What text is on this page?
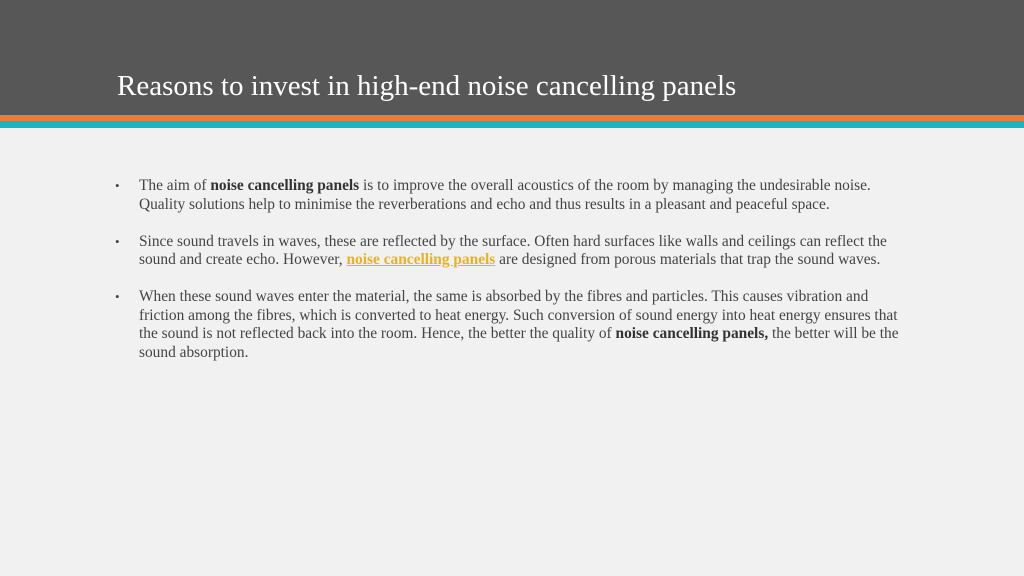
Reasons to invest in high-end noise cancelling panels
• The aim of noise cancelling panels is to improve the overall acoustics of the room by managing the undesirable noise. Quality solutions help to minimise the reverberations and echo and thus results in a pleasant and peaceful space.
• Since sound travels in waves, these are reflected by the surface. Often hard surfaces like walls and ceilings can reflect the sound and create echo. However, noise cancelling panels are designed from porous materials that trap the sound waves.
• When these sound waves enter the material, the same is absorbed by the fibres and particles. This causes vibration and friction among the fibres, which is converted to heat energy. Such conversion of sound energy into heat energy ensures that the sound is not reflected back into the room. Hence, the better the quality of noise cancelling panels, the better will be the sound absorption.
